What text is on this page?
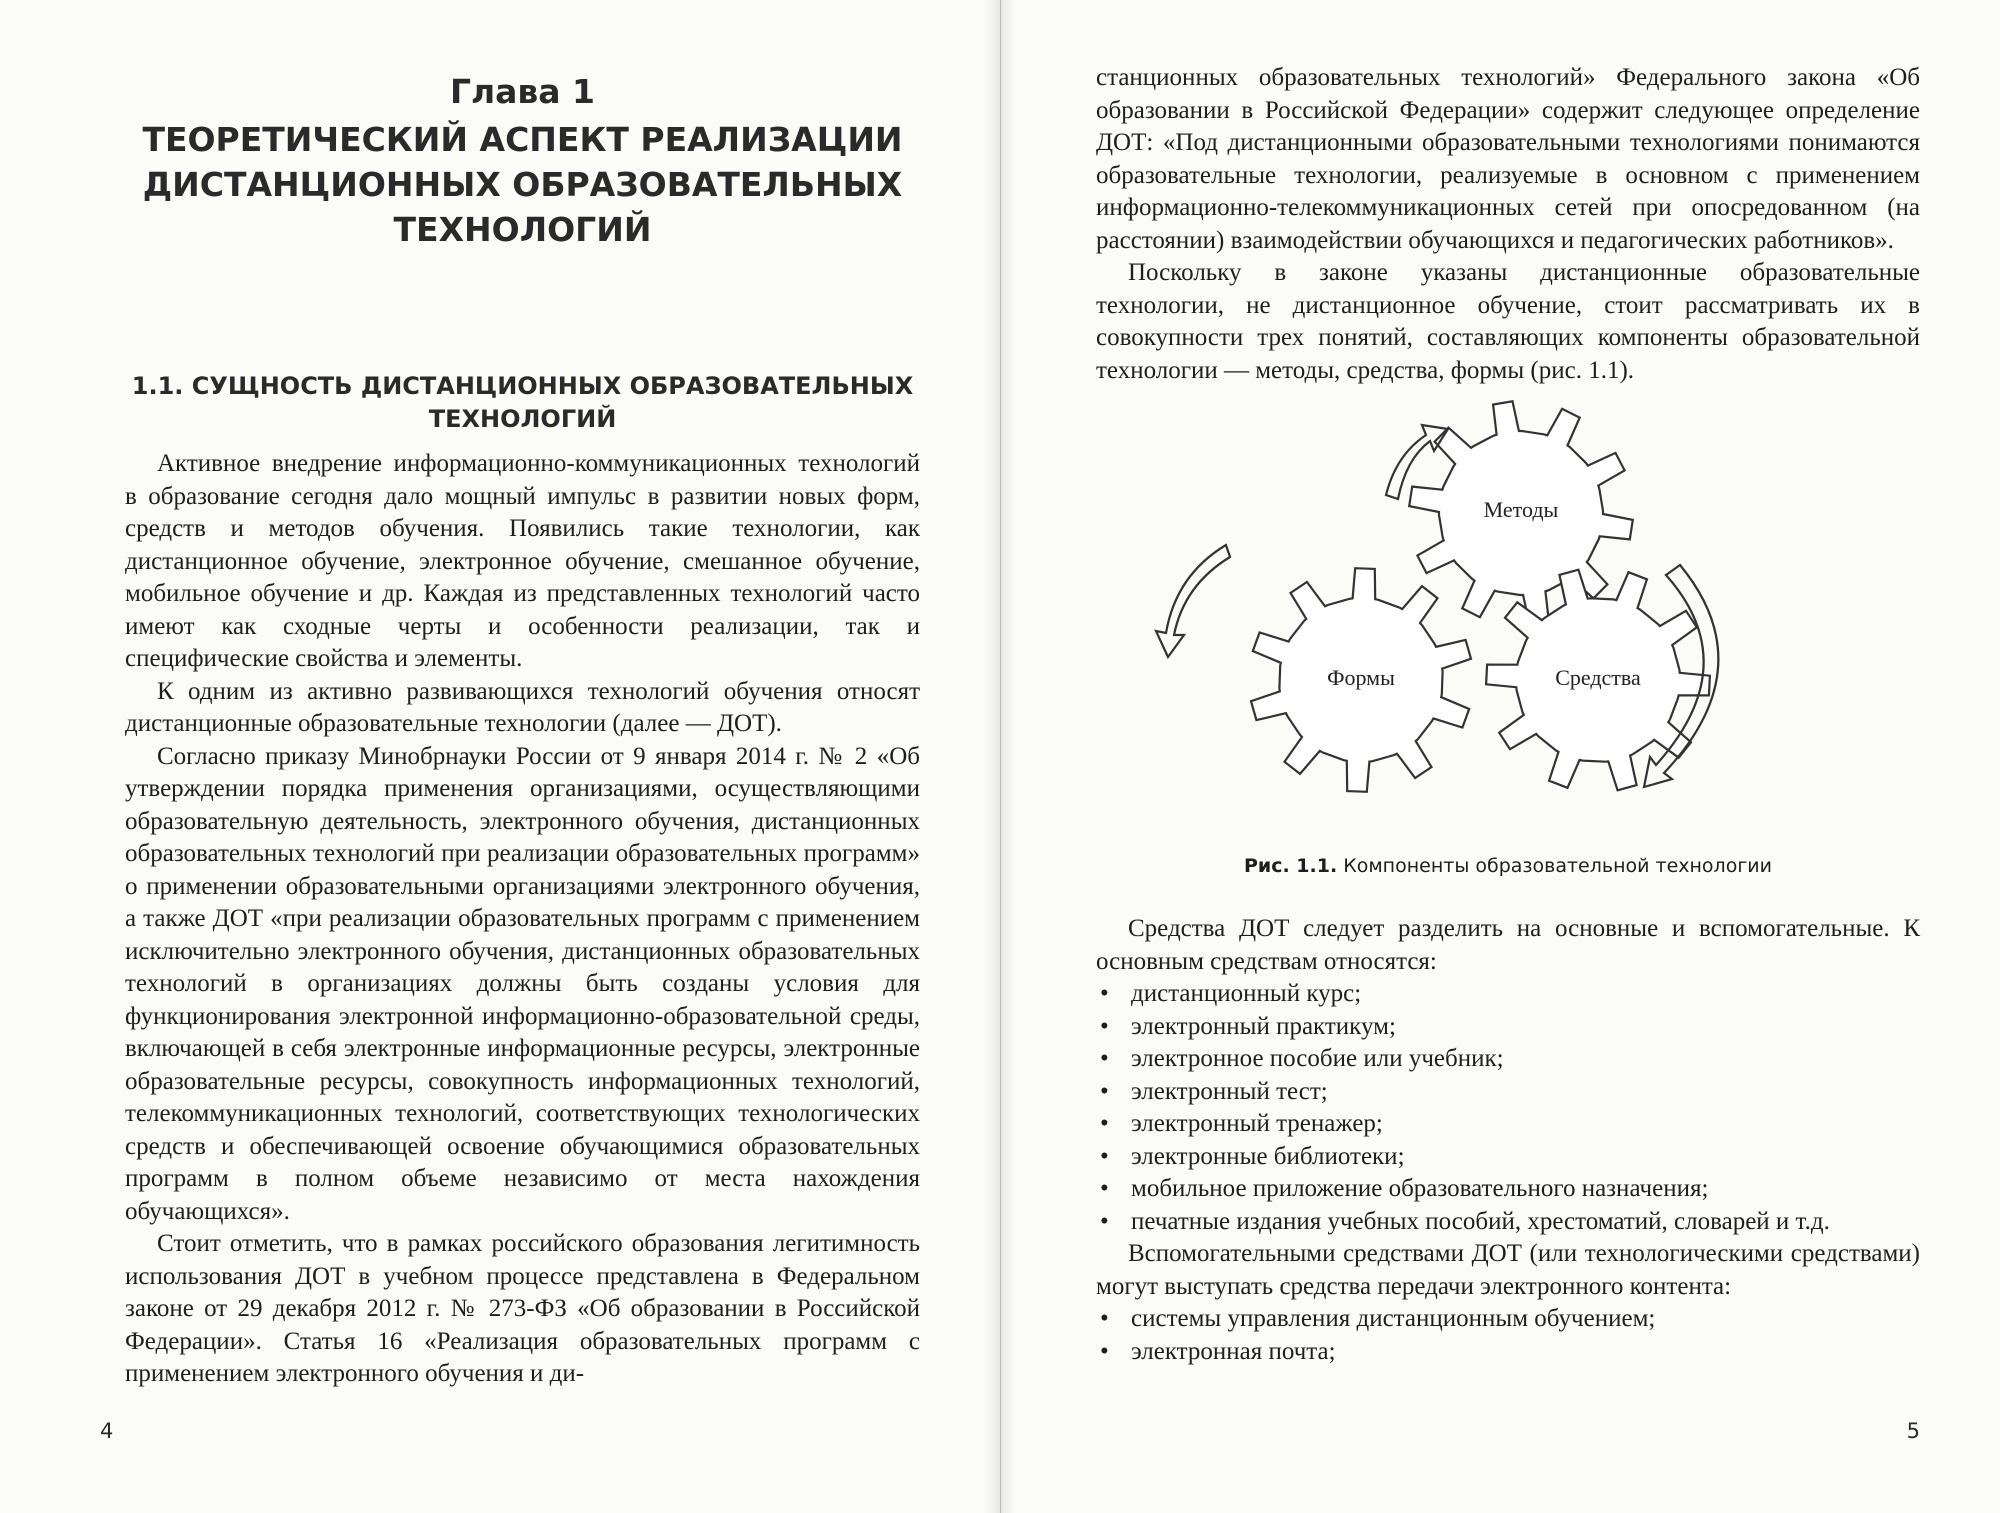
Глава 1
ТЕОРЕТИЧЕСКИЙ АСПЕКТ РЕАЛИЗАЦИИ
ДИСТАНЦИОННЫХ ОБРАЗОВАТЕЛЬНЫХ
ТЕХНОЛОГИЙ
1.1. СУЩНОСТЬ ДИСТАНЦИОННЫХ ОБРАЗОВАТЕЛЬНЫХ
ТЕХНОЛОГИЙ

Активное внедрение информационно-коммуникационных технологий в образование сегодня дало мощный импульс в развитии новых форм, средств и методов обучения. Появились такие технологии, как дистанционное обучение, электронное обучение, смешанное обучение, мобильное обучение и др. Каждая из представленных технологий часто имеют как сходные черты и особенности реализации, так и специфические свойства и элементы.

К одним из активно развивающихся технологий обучения относят дистанционные образовательные технологии (далее — ДОТ).

Согласно приказу Минобрнауки России от 9 января 2014 г. № 2 «Об утверждении порядка применения организациями, осуществляющими образовательную деятельность, электронного обучения, дистанционных образовательных технологий при реализации образовательных программ» о применении образовательными организациями электронного обучения, а также ДОТ «при реализации образовательных программ с применением исключительно электронного обучения, дистанционных образовательных технологий в организациях должны быть созданы условия для функционирования электронной информационно-образовательной среды, включающей в себя электронные информационные ресурсы, электронные образовательные ресурсы, совокупность информационных технологий, телекоммуникационных технологий, соответствующих технологических средств и обеспечивающей освоение обучающимися образовательных программ в полном объеме независимо от места нахождения обучающихся».

Стоит отметить, что в рамках российского образования легитимность использования ДОТ в учебном процессе представлена в Федеральном законе от 29 декабря 2012 г. № 273-ФЗ «Об образовании в Российской Федерации». Статья 16 «Реализация образовательных программ с применением электронного обучения и ди-

4

станционных образовательных технологий» Федерального закона «Об образовании в Российской Федерации» содержит следующее определение ДОТ: «Под дистанционными образовательными технологиями понимаются образовательные технологии, реализуемые в основном с применением информационно-телекоммуникационных сетей при опосредованном (на расстоянии) взаимодействии обучающихся и педагогических работников».

Поскольку в законе указаны дистанционные образовательные технологии, не дистанционное обучение, стоит рассматривать их в совокупности трех понятий, составляющих компоненты образовательной технологии — методы, средства, формы (рис. 1.1).

Методы
Формы	Средства
Рис. 1.1. Компоненты образовательной технологии

Средства ДОТ следует разделить на основные и вспомогательные. К основным средствам относятся:

• дистанционный курс;
• электронный практикум;
• электронное пособие или учебник;
• электронный тест;
• электронный тренажер;
• электронные библиотеки;
• мобильное приложение образовательного назначения;
• печатные издания учебных пособий, хрестоматий, словарей и т.д.

Вспомогательными средствами ДОТ (или технологическими средствами) могут выступать средства передачи электронного контента:

• системы управления дистанционным обучением;
• электронная почта;
5
